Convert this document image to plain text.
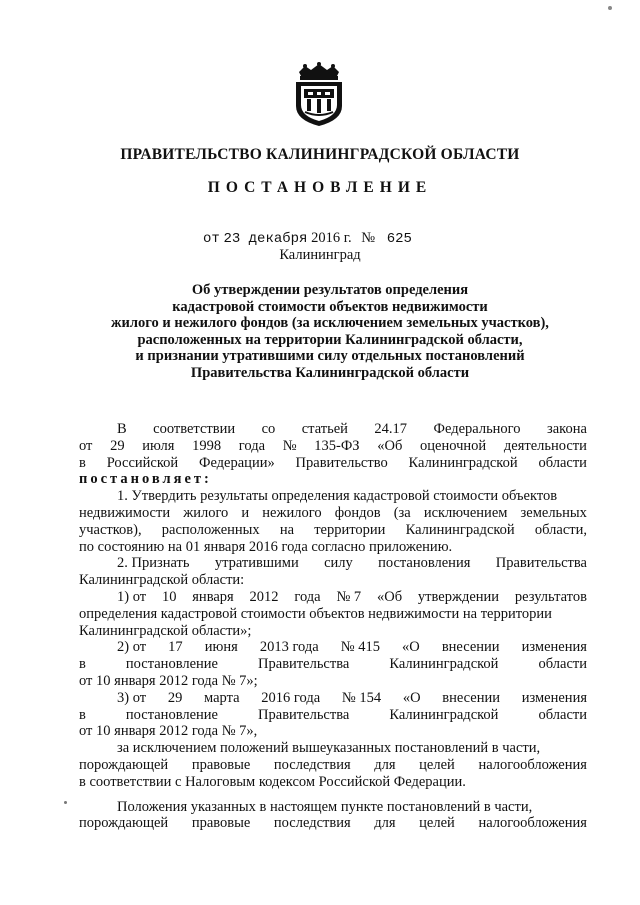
ПРАВИТЕЛЬСТВО КАЛИНИНГРАДСКОЙ ОБЛАСТИ
ПОСТАНОВЛЕНИЕ
от 23 декабря 2016 г. № 625
Калининград
Об утверждении результатов определения
кадастровой стоимости объектов недвижимости
жилого и нежилого фондов (за исключением земельных участков),
расположенных на территории Калининградской области,
и признании утратившими силу отдельных постановлений
Правительства Калининградской области
В соответствии со статьей 24.17 Федерального закона
от 29 июля 1998 года № 135-ФЗ «Об оценочной деятельности
в Российской Федерации» Правительство Калининградской области
постановляет:
1. Утвердить результаты определения кадастровой стоимости объектов
недвижимости жилого и нежилого фондов (за исключением земельных
участков), расположенных на территории Калининградской области,
по состоянию на 01 января 2016 года согласно приложению.
2. Признать утратившими силу постановления Правительства
Калининградской области:
1) от 10 января 2012 года № 7 «Об утверждении результатов
определения кадастровой стоимости объектов недвижимости на территории
Калининградской области»;
2) от 17 июня 2013 года № 415 «О внесении изменения
в	постановление	Правительства	Калининградской	области
от 10 января 2012 года № 7»;
3) от 29 марта 2016 года № 154 «О внесении изменения
в	постановление	Правительства	Калининградской	области
от 10 января 2012 года № 7»,
за исключением положений вышеуказанных постановлений в части,
порождающей правовые последствия для целей налогообложения
в соответствии с Налоговым кодексом Российской Федерации.
Положения указанных в настоящем пункте постановлений в части,
порождающей правовые последствия для целей налогообложения
